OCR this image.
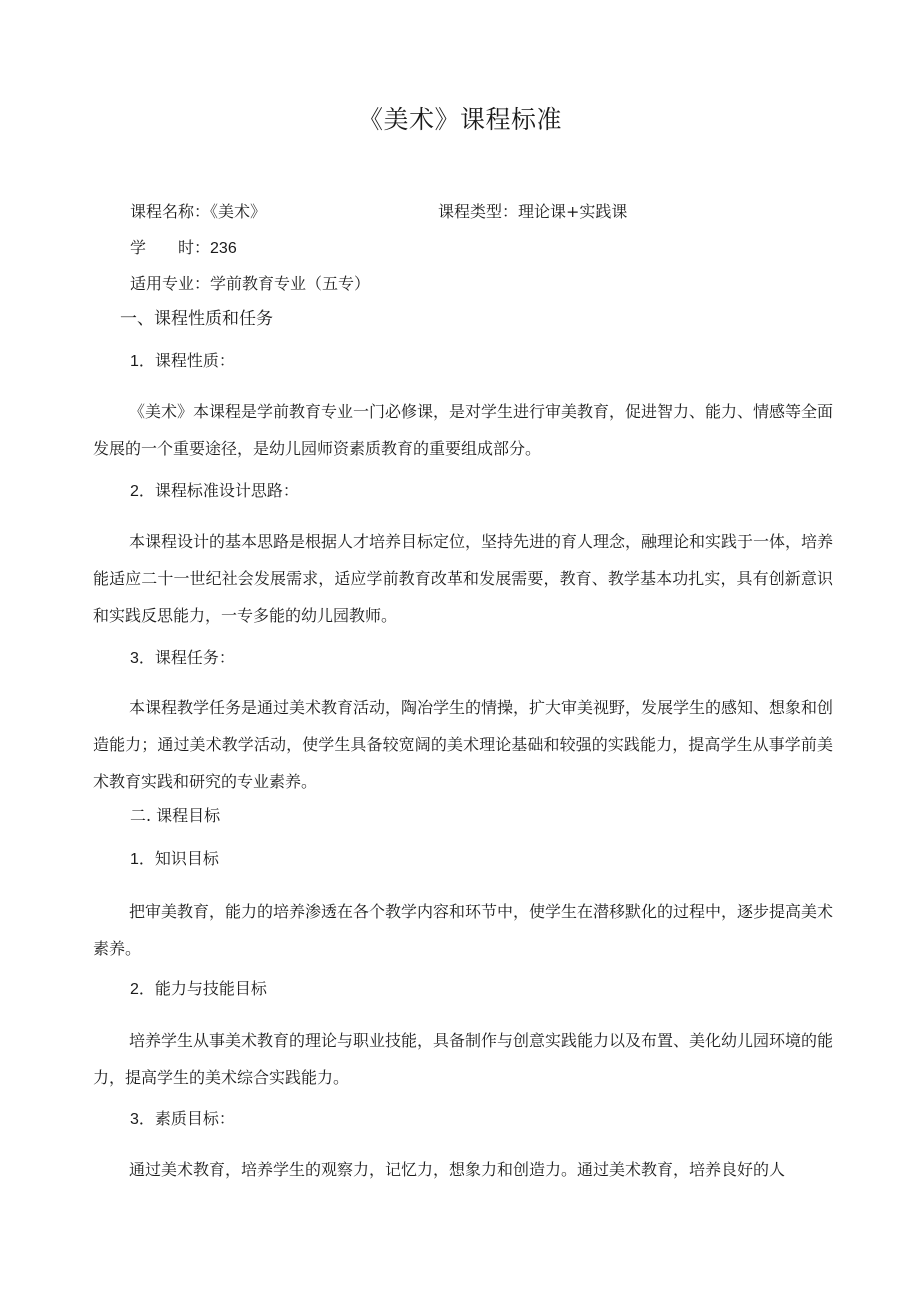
《美术》课程标准
课程名称：《美术》	课程类型：理论课+实践课
学　　时：236
适用专业：学前教育专业（五专）
一、课程性质和任务
1．课程性质：

《美术》本课程是学前教育专业一门必修课，是对学生进行审美教育，促进智力、能力、情感等全面发展的一个重要途径，是幼儿园师资素质教育的重要组成部分。

2．课程标准设计思路：

本课程设计的基本思路是根据人才培养目标定位，坚持先进的育人理念，融理论和实践于一体，培养能适应二十一世纪社会发展需求，适应学前教育改革和发展需要，教育、教学基本功扎实，具有创新意识和实践反思能力，一专多能的幼儿园教师。

3．课程任务：

本课程教学任务是通过美术教育活动，陶冶学生的情操，扩大审美视野，发展学生的感知、想象和创造能力；通过美术教学活动，使学生具备较宽阔的美术理论基础和较强的实践能力，提高学生从事学前美术教育实践和研究的专业素养。

二. 课程目标
1．知识目标

把审美教育，能力的培养渗透在各个教学内容和环节中，使学生在潜移默化的过程中，逐步提高美术素养。

2．能力与技能目标

培养学生从事美术教育的理论与职业技能，具备制作与创意实践能力以及布置、美化幼儿园环境的能力，提高学生的美术综合实践能力。

3．素质目标：

通过美术教育，培养学生的观察力，记忆力，想象力和创造力。通过美术教育，培养良好的人
